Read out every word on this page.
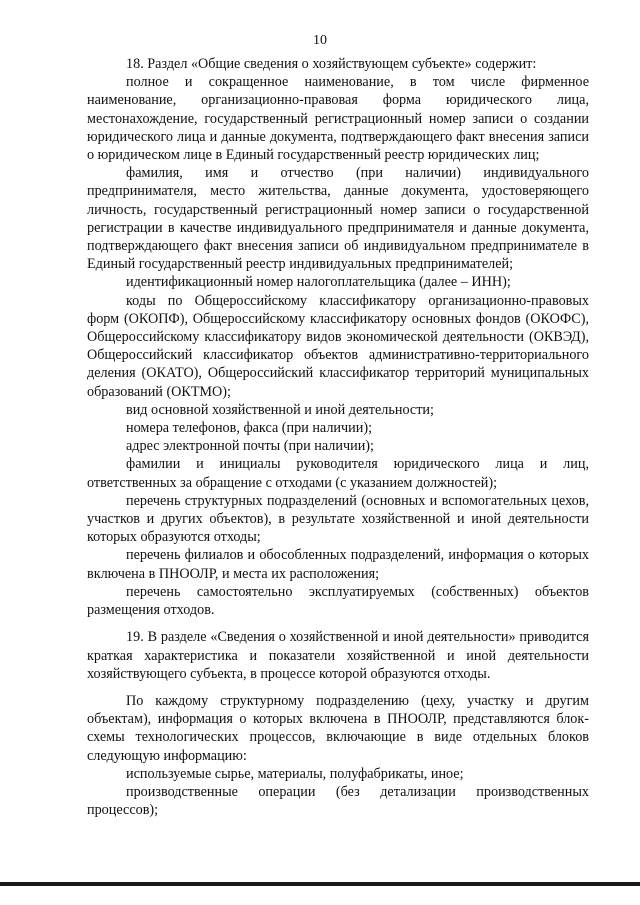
10

18. Раздел «Общие сведения о хозяйствующем субъекте» содержит:

полное и сокращенное наименование, в том числе фирменное наименование, организационно-правовая форма юридического лица, местонахождение, государственный регистрационный номер записи о создании юридического лица и данные документа, подтверждающего факт внесения записи о юридическом лице в Единый государственный реестр юридических лиц;

фамилия, имя и отчество (при наличии) индивидуального предпринимателя, место жительства, данные документа, удостоверяющего личность, государственный регистрационный номер записи о государственной регистрации в качестве индивидуального предпринимателя и данные документа, подтверждающего факт внесения записи об индивидуальном предпринимателе в Единый государственный реестр индивидуальных предпринимателей;

идентификационный номер налогоплательщика (далее – ИНН);

коды по Общероссийскому классификатору организационно-правовых форм (ОКОПФ), Общероссийскому классификатору основных фондов (ОКОФС), Общероссийскому классификатору видов экономической деятельности (ОКВЭД), Общероссийский классификатор объектов административно-территориального деления (ОКАТО), Общероссийский классификатор территорий муниципальных образований (ОКТМО);

вид основной хозяйственной и иной деятельности;

номера телефонов, факса (при наличии);

адрес электронной почты (при наличии);

фамилии и инициалы руководителя юридического лица и лиц, ответственных за обращение с отходами (с указанием должностей);

перечень структурных подразделений (основных и вспомогательных цехов, участков и других объектов), в результате хозяйственной и иной деятельности которых образуются отходы;

перечень филиалов и обособленных подразделений, информация о которых включена в ПНООЛР, и места их расположения;

перечень самостоятельно эксплуатируемых (собственных) объектов размещения отходов.

19. В разделе «Сведения о хозяйственной и иной деятельности» приводится краткая характеристика и показатели хозяйственной и иной деятельности хозяйствующего субъекта, в процессе которой образуются отходы.

По каждому структурному подразделению (цеху, участку и другим объектам), информация о которых включена в ПНООЛР, представляются блок-схемы технологических процессов, включающие в виде отдельных блоков следующую информацию:

используемые сырье, материалы, полуфабрикаты, иное;

производственные операции (без детализации производственных процессов);
